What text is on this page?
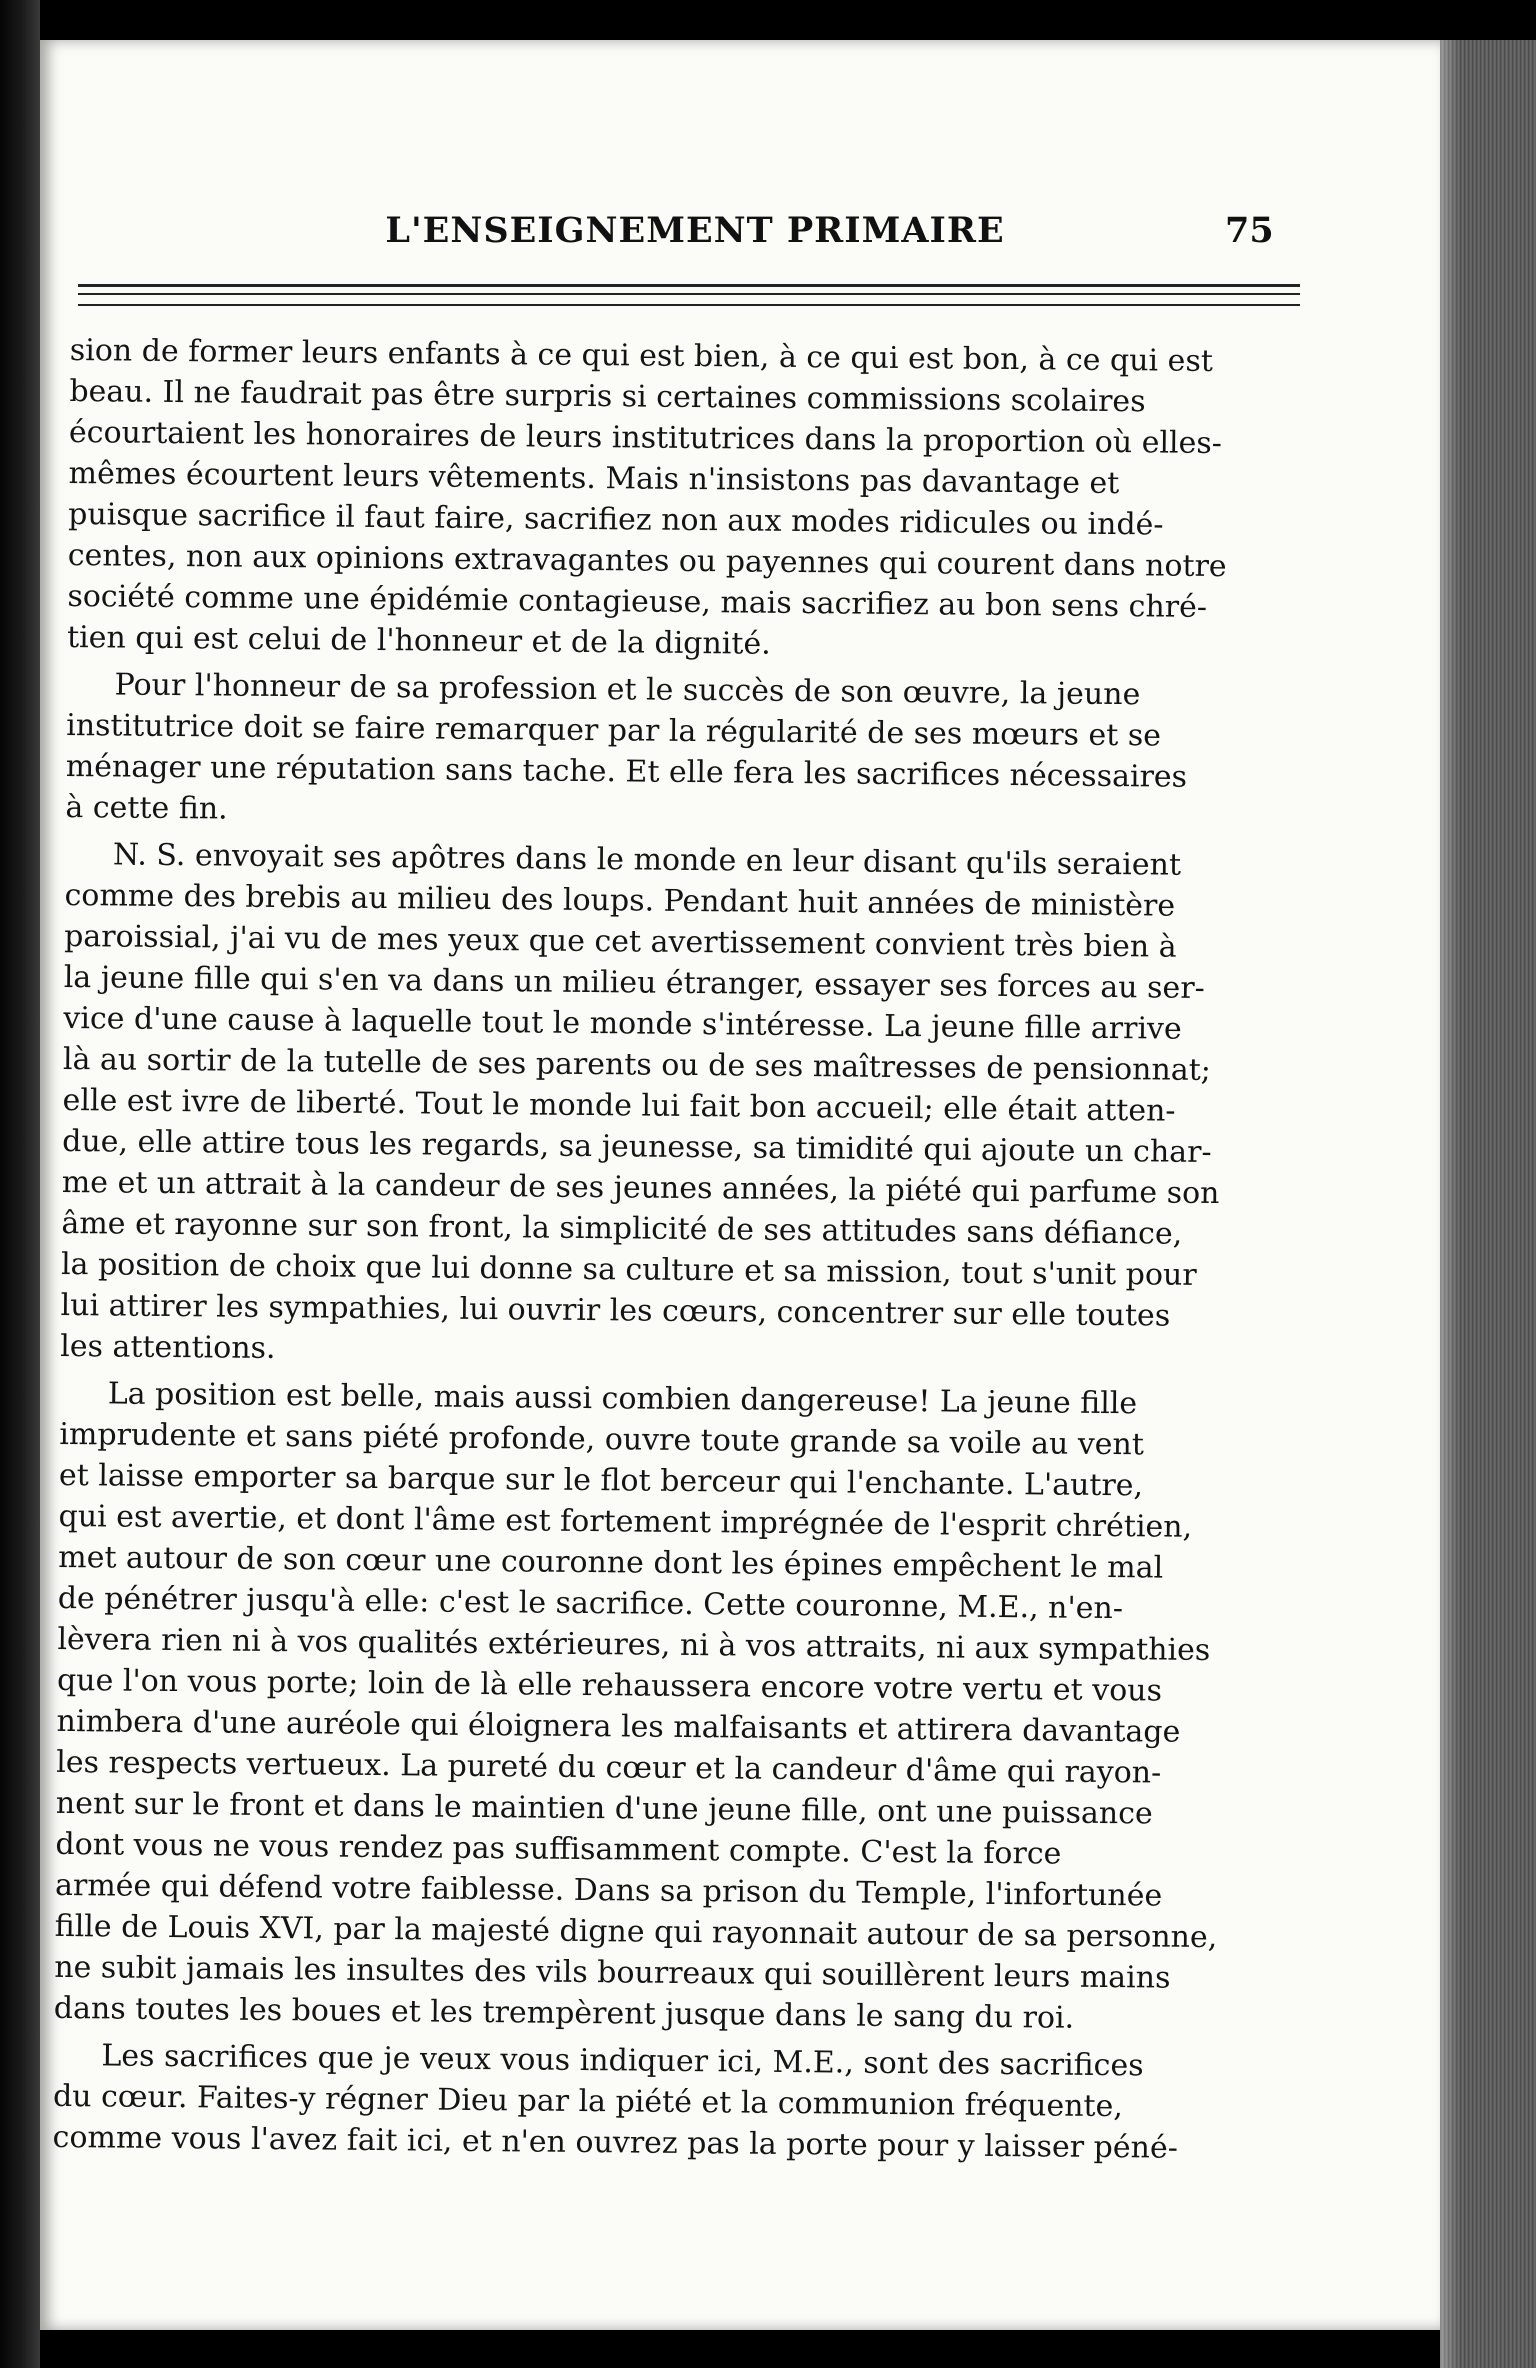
L'ENSEIGNEMENT PRIMAIRE	75
sion de former leurs enfants à ce qui est bien, à ce qui est bon, à ce qui est
beau. Il ne faudrait pas être surpris si certaines commissions scolaires
écourtaient les honoraires de leurs institutrices dans la proportion où elles-
mêmes écourtent leurs vêtements. Mais n'insistons pas davantage et
puisque sacrifice il faut faire, sacrifiez non aux modes ridicules ou indé-
centes, non aux opinions extravagantes ou payennes qui courent dans notre
société comme une épidémie contagieuse, mais sacrifiez au bon sens chré-
tien qui est celui de l'honneur et de la dignité.
Pour l'honneur de sa profession et le succès de son œuvre, la jeune
institutrice doit se faire remarquer par la régularité de ses mœurs et se
ménager une réputation sans tache. Et elle fera les sacrifices nécessaires
à cette fin.
N. S. envoyait ses apôtres dans le monde en leur disant qu'ils seraient
comme des brebis au milieu des loups. Pendant huit années de ministère
paroissial, j'ai vu de mes yeux que cet avertissement convient très bien à
la jeune fille qui s'en va dans un milieu étranger, essayer ses forces au ser-
vice d'une cause à laquelle tout le monde s'intéresse. La jeune fille arrive
là au sortir de la tutelle de ses parents ou de ses maîtresses de pensionnat;
elle est ivre de liberté. Tout le monde lui fait bon accueil; elle était atten-
due, elle attire tous les regards, sa jeunesse, sa timidité qui ajoute un char-
me et un attrait à la candeur de ses jeunes années, la piété qui parfume son
âme et rayonne sur son front, la simplicité de ses attitudes sans défiance,
la position de choix que lui donne sa culture et sa mission, tout s'unit pour
lui attirer les sympathies, lui ouvrir les cœurs, concentrer sur elle toutes
les attentions.
La position est belle, mais aussi combien dangereuse! La jeune fille
imprudente et sans piété profonde, ouvre toute grande sa voile au vent
et laisse emporter sa barque sur le flot berceur qui l'enchante. L'autre,
qui est avertie, et dont l'âme est fortement imprégnée de l'esprit chrétien,
met autour de son cœur une couronne dont les épines empêchent le mal
de pénétrer jusqu'à elle: c'est le sacrifice. Cette couronne, M.E., n'en-
lèvera rien ni à vos qualités extérieures, ni à vos attraits, ni aux sympathies
que l'on vous porte; loin de là elle rehaussera encore votre vertu et vous
nimbera d'une auréole qui éloignera les malfaisants et attirera davantage
les respects vertueux. La pureté du cœur et la candeur d'âme qui rayon-
nent sur le front et dans le maintien d'une jeune fille, ont une puissance
dont vous ne vous rendez pas suffisamment compte. C'est la force
armée qui défend votre faiblesse. Dans sa prison du Temple, l'infortunée
fille de Louis XVI, par la majesté digne qui rayonnait autour de sa personne,
ne subit jamais les insultes des vils bourreaux qui souillèrent leurs mains
dans toutes les boues et les trempèrent jusque dans le sang du roi.
Les sacrifices que je veux vous indiquer ici, M.E., sont des sacrifices
du cœur. Faites-y régner Dieu par la piété et la communion fréquente,
comme vous l'avez fait ici, et n'en ouvrez pas la porte pour y laisser péné-
